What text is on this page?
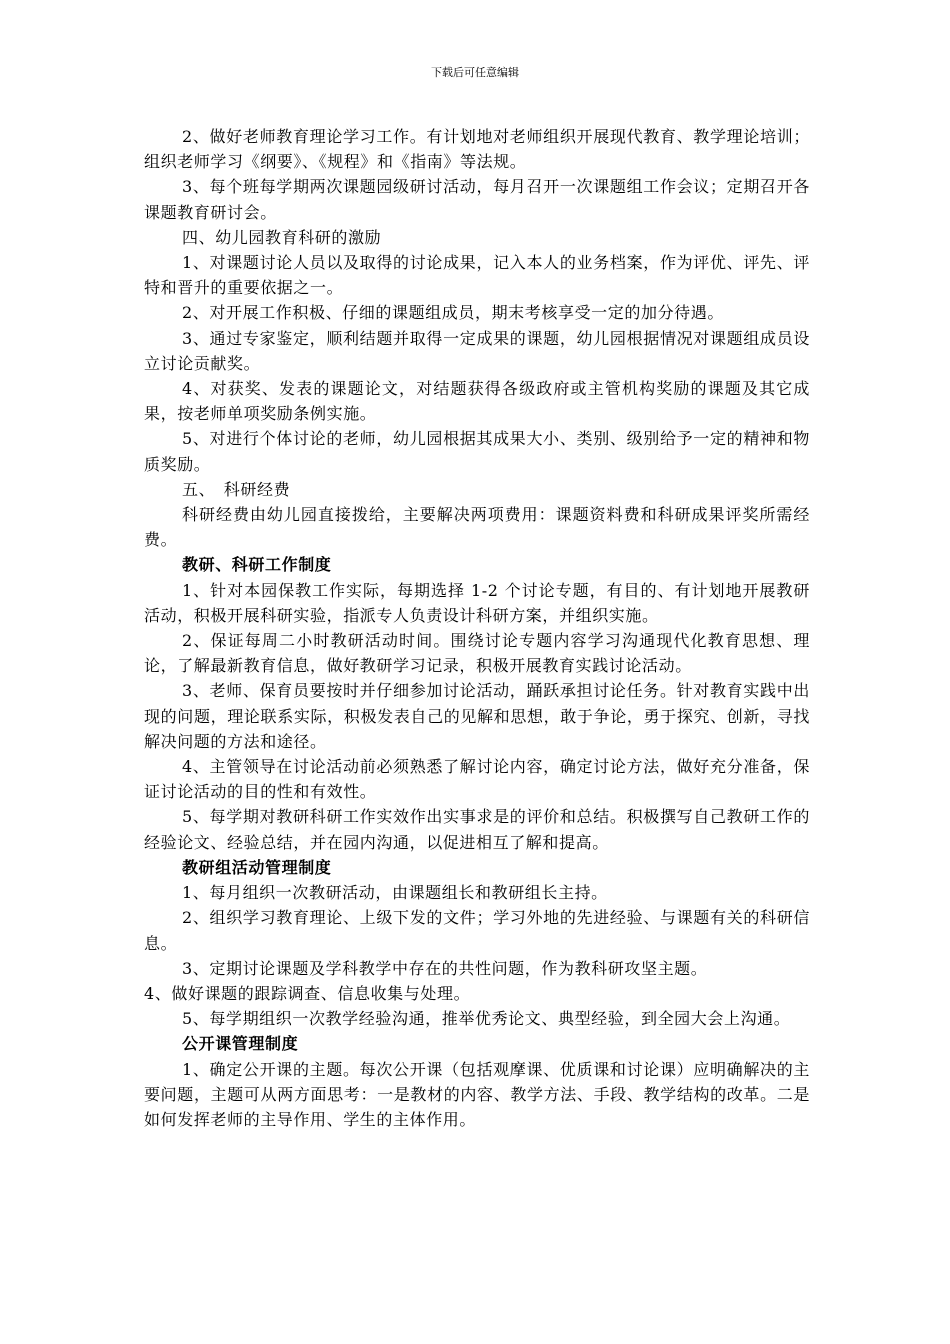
下载后可任意编辑

2、做好老师教育理论学习工作。有计划地对老师组织开展现代教育、教学理论培训；组织老师学习《纲要》、《规程》和《指南》等法规。

3、每个班每学期两次课题园级研讨活动，每月召开一次课题组工作会议；定期召开各课题教育研讨会。

四、幼儿园教育科研的激励

1、对课题讨论人员以及取得的讨论成果，记入本人的业务档案，作为评优、评先、评特和晋升的重要依据之一。

2、对开展工作积极、仔细的课题组成员，期末考核享受一定的加分待遇。

3、通过专家鉴定，顺利结题并取得一定成果的课题，幼儿园根据情况对课题组成员设立讨论贡献奖。

4、对获奖、发表的课题论文，对结题获得各级政府或主管机构奖励的课题及其它成果，按老师单项奖励条例实施。

5、对进行个体讨论的老师，幼儿园根据其成果大小、类别、级别给予一定的精神和物质奖励。

五、　科研经费

科研经费由幼儿园直接拨给，主要解决两项费用：课题资料费和科研成果评奖所需经费。

教研、科研工作制度

1、针对本园保教工作实际，每期选择 1-2 个讨论专题，有目的、有计划地开展教研活动，积极开展科研实验，指派专人负责设计科研方案，并组织实施。

2、保证每周二小时教研活动时间。围绕讨论专题内容学习沟通现代化教育思想、理论，了解最新教育信息，做好教研学习记录，积极开展教育实践讨论活动。

3、老师、保育员要按时并仔细参加讨论活动，踊跃承担讨论任务。针对教育实践中出现的问题，理论联系实际，积极发表自己的见解和思想，敢于争论，勇于探究、创新，寻找解决问题的方法和途径。

4、主管领导在讨论活动前必须熟悉了解讨论内容，确定讨论方法，做好充分准备，保证讨论活动的目的性和有效性。

5、每学期对教研科研工作实效作出实事求是的评价和总结。积极撰写自己教研工作的经验论文、经验总结，并在园内沟通，以促进相互了解和提高。

教研组活动管理制度

1、每月组织一次教研活动，由课题组长和教研组长主持。

2、组织学习教育理论、上级下发的文件；学习外地的先进经验、与课题有关的科研信息。

3、定期讨论课题及学科教学中存在的共性问题，作为教科研攻坚主题。

4、做好课题的跟踪调查、信息收集与处理。

5、每学期组织一次教学经验沟通，推举优秀论文、典型经验，到全园大会上沟通。

公开课管理制度

1、确定公开课的主题。每次公开课（包括观摩课、优质课和讨论课）应明确解决的主要问题，主题可从两方面思考：一是教材的内容、教学方法、手段、教学结构的改革。二是如何发挥老师的主导作用、学生的主体作用。
